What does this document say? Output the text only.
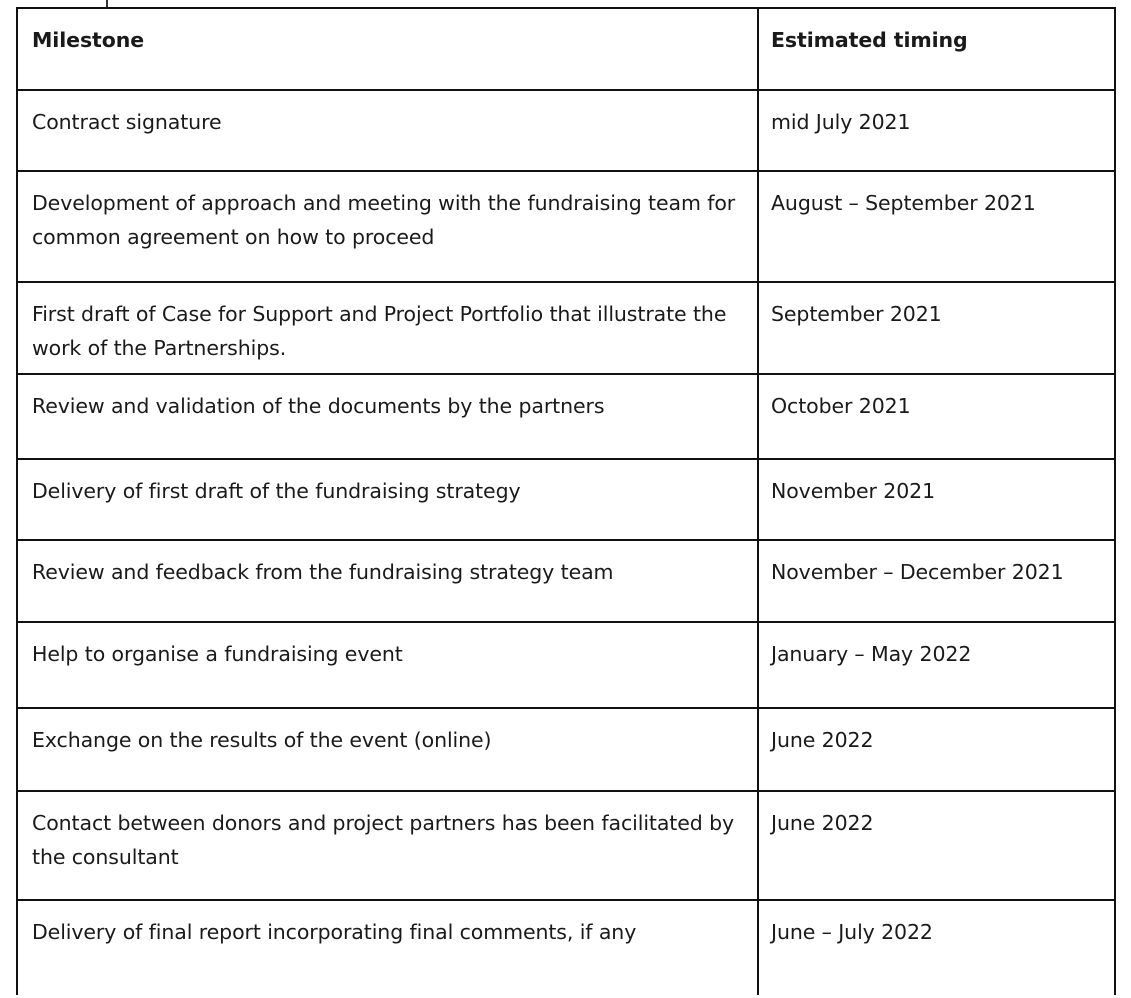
Milestone	Estimated timing
Contract signature	mid July 2021
Development of approach and meeting with the fundraising team for common agreement on how to proceed	August – September 2021
First draft of Case for Support and Project Portfolio that illustrate the work of the Partnerships.	September 2021
Review and validation of the documents by the partners	October 2021
Delivery of first draft of the fundraising strategy	November 2021
Review and feedback from the fundraising strategy team	November – December 2021
Help to organise a fundraising event	January – May 2022
Exchange on the results of the event (online)	June 2022
Contact between donors and project partners has been facilitated by the consultant	June 2022
Delivery of final report incorporating final comments, if any	June – July 2022
